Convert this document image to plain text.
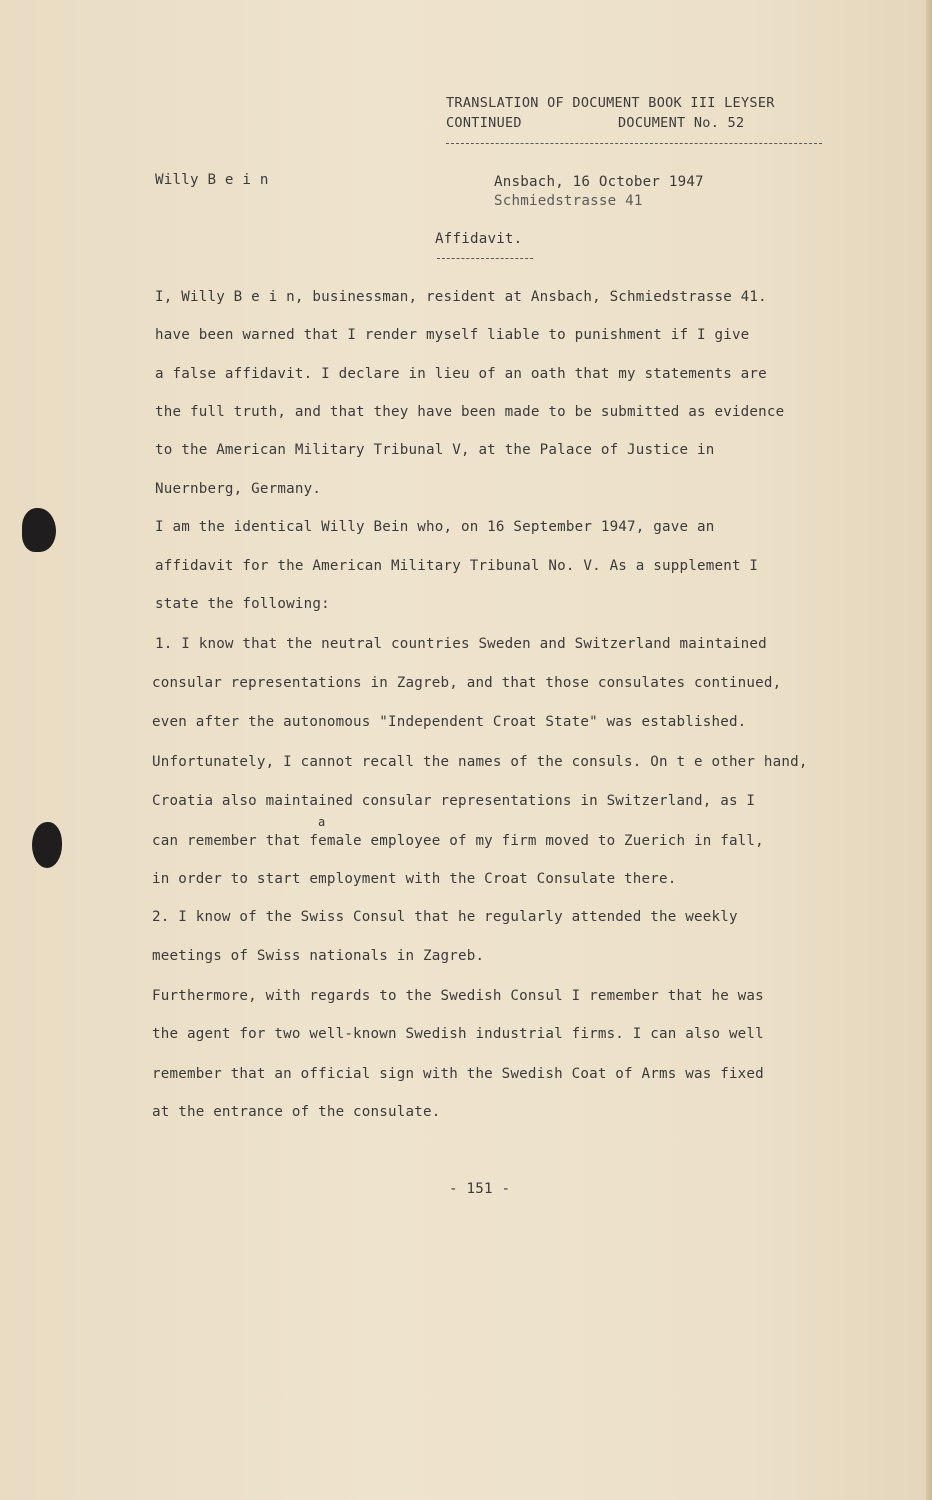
TRANSLATION OF DOCUMENT BOOK III LEYSER
CONTINUED	DOCUMENT No. 52
Willy B e i n	Ansbach, 16 October 1947
Schmiedstrasse 41
Affidavit.
I, Willy B e i n, businessman, resident at Ansbach, Schmiedstrasse 41.
have been warned that I render myself liable to punishment if I give
a false affidavit. I declare in lieu of an oath that my statements are
the full truth, and that they have been made to be submitted as evidence
to the American Military Tribunal V, at the Palace of Justice in
Nuernberg, Germany.
I am the identical Willy Bein who, on 16 September 1947, gave an
affidavit for the American Military Tribunal No. V. As a supplement I
state the following:
1. I know that the neutral countries Sweden and Switzerland maintained
consular representations in Zagreb, and that those consulates continued,
even after the autonomous "Independent Croat State" was established.
Unfortunately, I cannot recall the names of the consuls. On t e other hand,
Croatia also maintained consular representations in Switzerland, as I
a
can remember that female employee of my firm moved to Zuerich in fall,
in order to start employment with the Croat Consulate there.
2. I know of the Swiss Consul that he regularly attended the weekly
meetings of Swiss nationals in Zagreb.
Furthermore, with regards to the Swedish Consul I remember that he was
the agent for two well-known Swedish industrial firms. I can also well
remember that an official sign with the Swedish Coat of Arms was fixed
at the entrance of the consulate.
- 151 -
